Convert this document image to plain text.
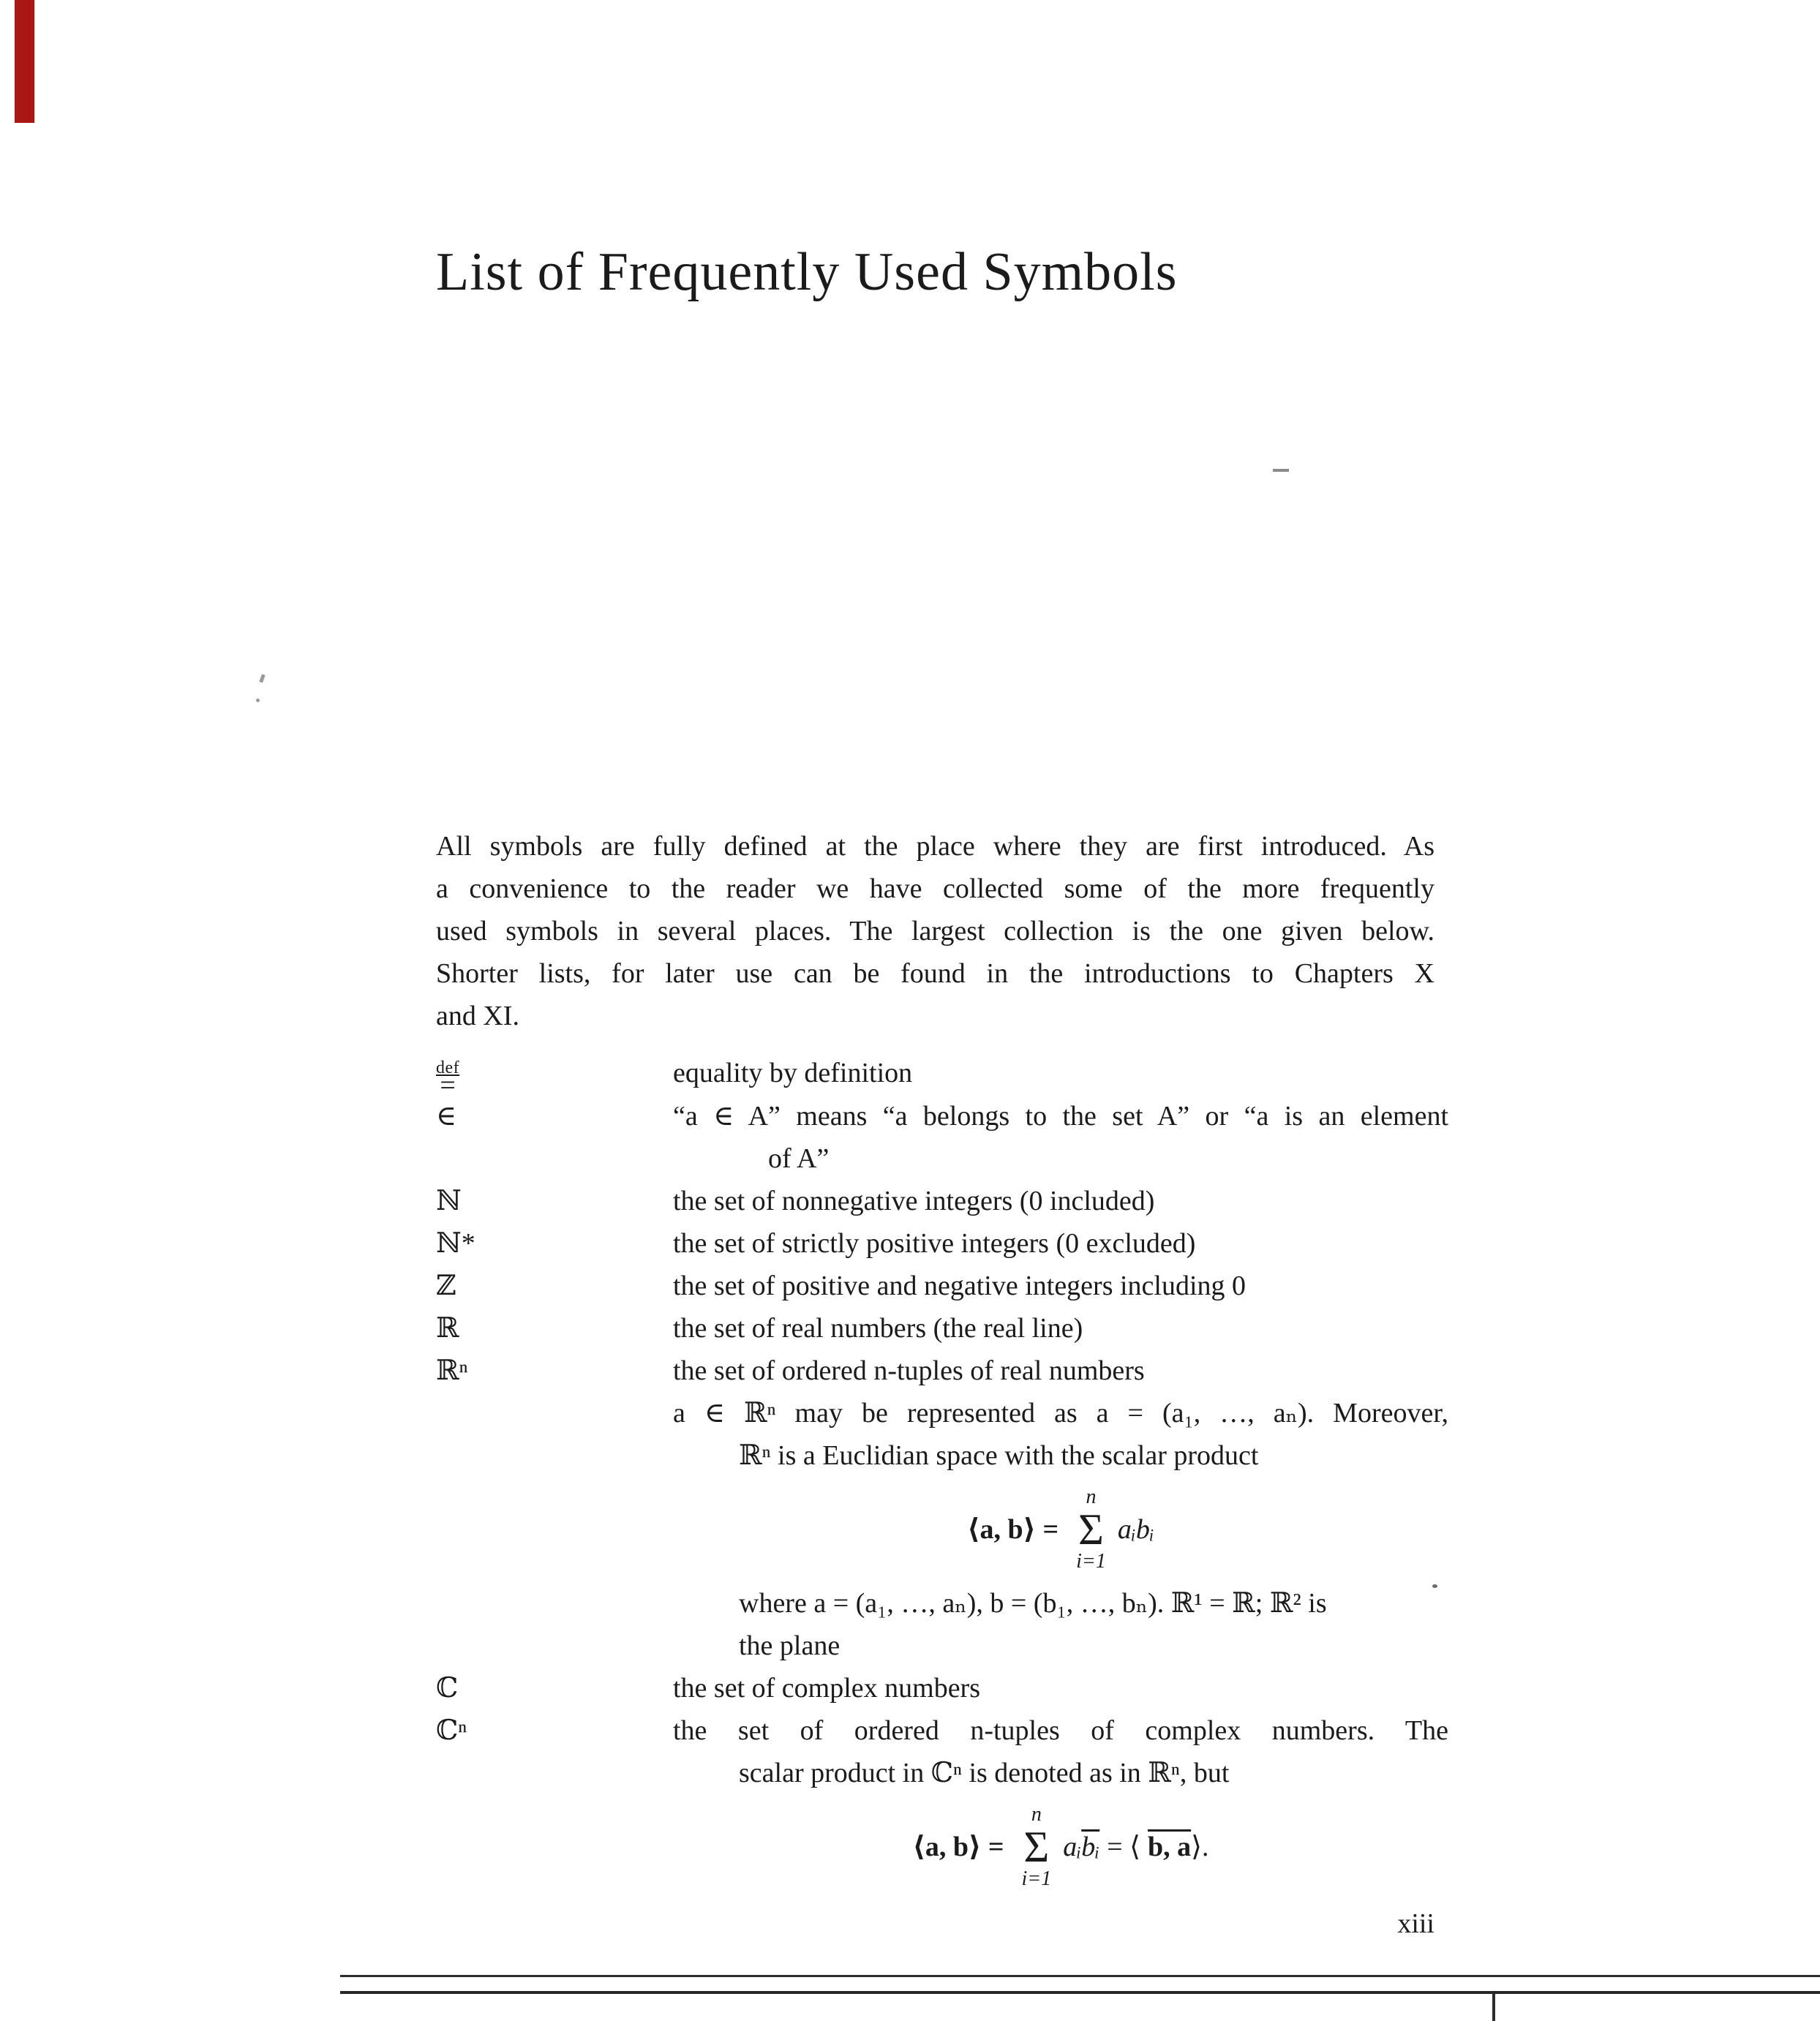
List of Frequently Used Symbols
All symbols are fully defined at the place where they are first introduced. As
a convenience to the reader we have collected some of the more frequently
used symbols in several places. The largest collection is the one given below.
Shorter lists, for later use can be found in the introductions to Chapters X
and XI.
def
=	equality by definition
∈	“a ∈ A” means “a belongs to the set A” or “a is an element
of A”
ℕ	the set of nonnegative integers (0 included)
ℕ*	the set of strictly positive integers (0 excluded)
ℤ	the set of positive and negative integers including 0
ℝ	the set of real numbers (the real line)
ℝⁿ	the set of ordered n-tuples of real numbers
a ∈ ℝⁿ may be represented as a = (a₁, …, aₙ). Moreover,
ℝⁿ is a Euclidian space with the scalar product
⟨a, b⟩ =
n
Σ
i=1
aᵢbᵢ
where a = (a₁, …, aₙ), b = (b₁, …, bₙ). ℝ¹ = ℝ; ℝ² is
the plane
ℂ	the set of complex numbers
ℂⁿ	the set of ordered n-tuples of complex numbers. The
scalar product in ℂⁿ is denoted as in ℝⁿ, but
⟨a, b⟩ =
n
Σ
i=1
$aᵢ\overline{bᵢ}$ = ⟨ b, a⟩.
xiii
